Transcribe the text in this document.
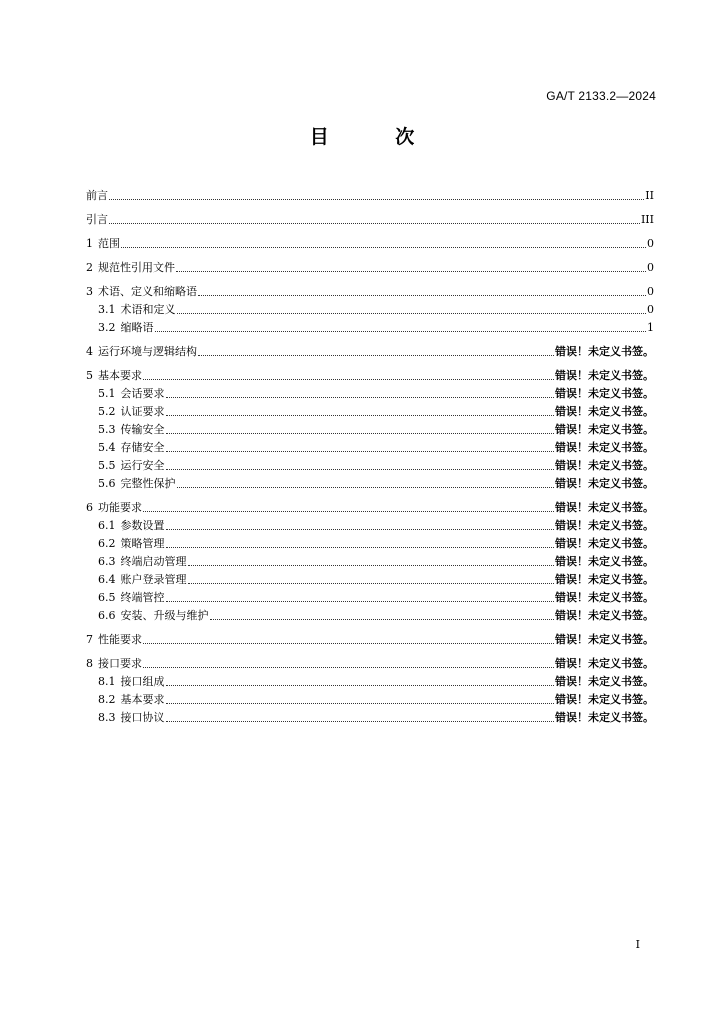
GA/T 2133.2—2024
目 次
前言	II
引言	III
1 范围	0
2 规范性引用文件	0
3 术语、定义和缩略语	0
3.1 术语和定义	0
3.2 缩略语	1
4 运行环境与逻辑结构	错误！未定义书签。
5 基本要求	错误！未定义书签。
5.1 会话要求	错误！未定义书签。
5.2 认证要求	错误！未定义书签。
5.3 传输安全	错误！未定义书签。
5.4 存储安全	错误！未定义书签。
5.5 运行安全	错误！未定义书签。
5.6 完整性保护	错误！未定义书签。
6 功能要求	错误！未定义书签。
6.1 参数设置	错误！未定义书签。
6.2 策略管理	错误！未定义书签。
6.3 终端启动管理	错误！未定义书签。
6.4 账户登录管理	错误！未定义书签。
6.5 终端管控	错误！未定义书签。
6.6 安装、升级与维护	错误！未定义书签。
7 性能要求	错误！未定义书签。
8 接口要求	错误！未定义书签。
8.1 接口组成	错误！未定义书签。
8.2 基本要求	错误！未定义书签。
8.3 接口协议	错误！未定义书签。
I
